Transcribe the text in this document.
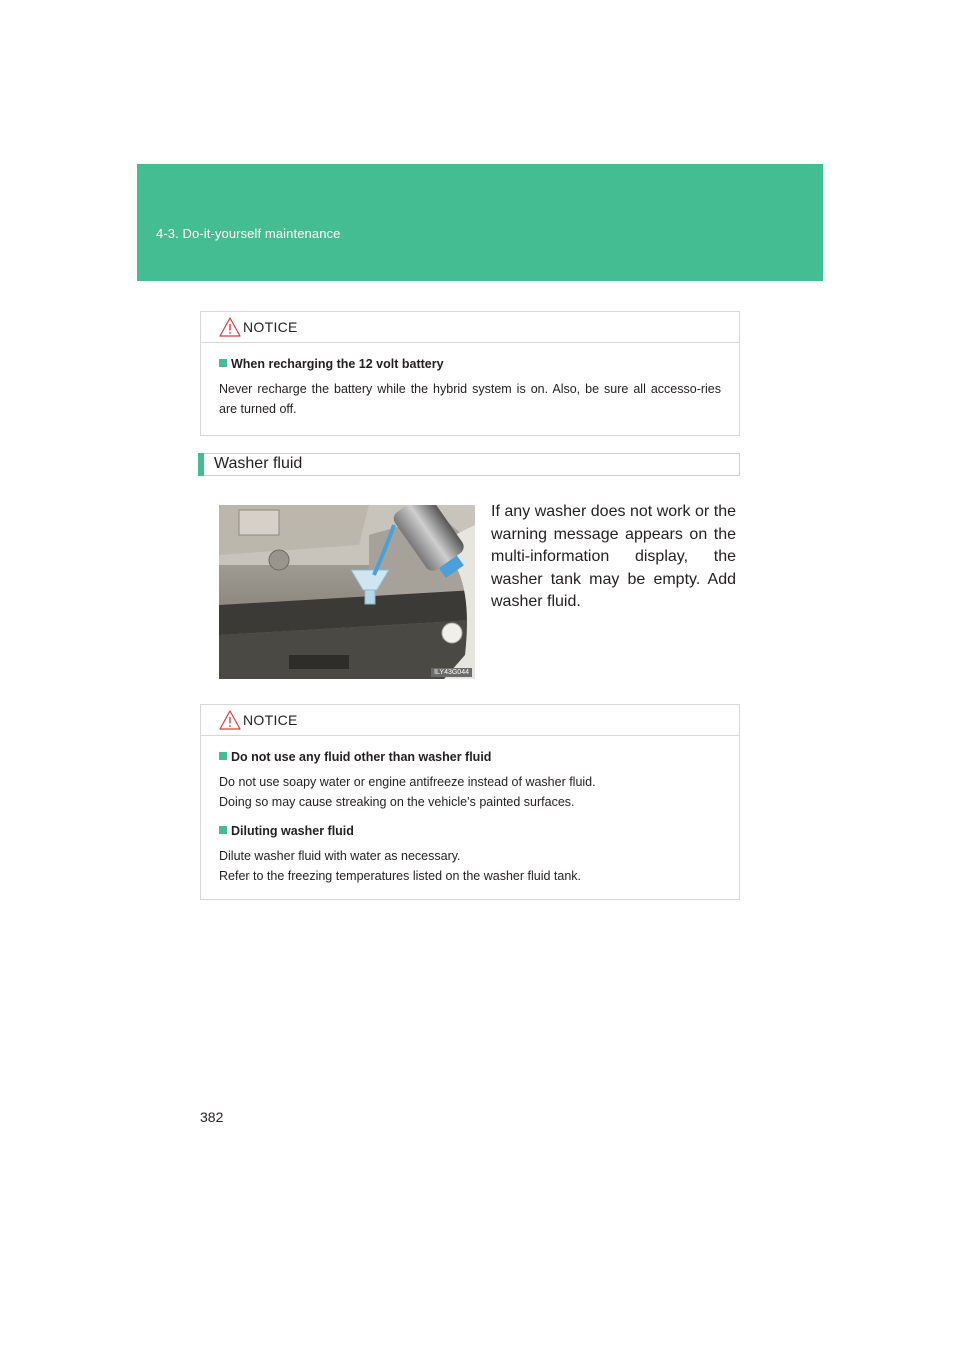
4-3. Do-it-yourself maintenance
NOTICE
When recharging the 12 volt battery

Never recharge the battery while the hybrid system is on. Also, be sure all accesso-ries are turned off.

Washer fluid
ILY43G044
If any washer does not work or the warning message appears on the multi-information display, the washer tank may be empty. Add washer fluid.
NOTICE
Do not use any fluid other than washer fluid

Do not use soapy water or engine antifreeze instead of washer fluid.

Doing so may cause streaking on the vehicle’s painted surfaces.

Diluting washer fluid

Dilute washer fluid with water as necessary.

Refer to the freezing temperatures listed on the washer fluid tank.

382
